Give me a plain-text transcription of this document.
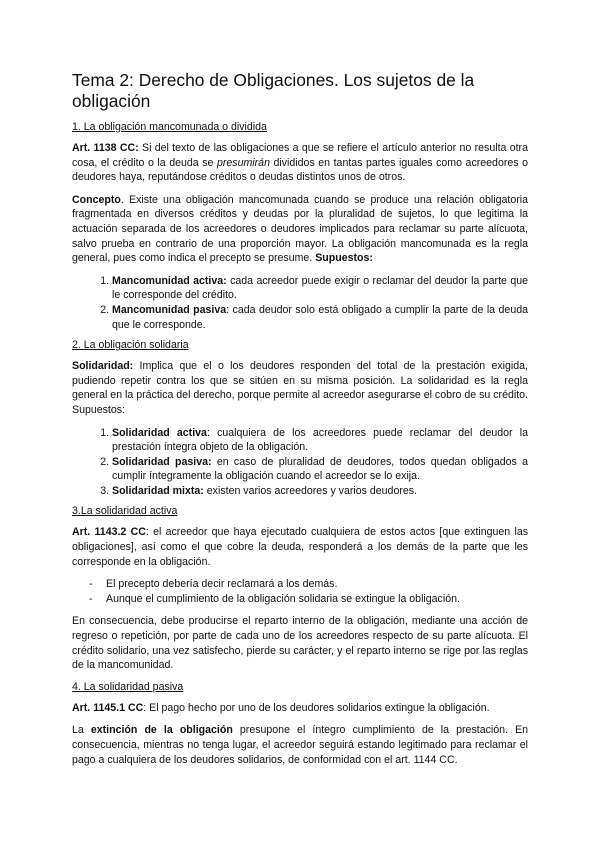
Tema 2: Derecho de Obligaciones. Los sujetos de la obligación
1. La obligación mancomunada o dividida

Art. 1138 CC: Si del texto de las obligaciones a que se refiere el artículo anterior no resulta otra cosa, el crédito o la deuda se presumirán divididos en tantas partes iguales como acreedores o deudores haya, reputándose créditos o deudas distintos unos de otros.

Concepto. Existe una obligación mancomunada cuando se produce una relación obligatoria fragmentada en diversos créditos y deudas por la pluralidad de sujetos, lo que legitima la actuación separada de los acreedores o deudores implicados para reclamar su parte alícuota, salvo prueba en contrario de una proporción mayor. La obligación mancomunada es la regla general, pues como indica el precepto se presume. Supuestos:

1. Mancomunidad activa: cada acreedor puede exigir o reclamar del deudor la parte que le corresponde del crédito.
2. Mancomunidad pasiva: cada deudor solo está obligado a cumplir la parte de la deuda que le corresponde.
2. La obligación solidaria

Solidaridad: Implica que el o los deudores responden del total de la prestación exigida, pudiendo repetir contra los que se sitúen en su misma posición. La solidaridad es la regla general en la práctica del derecho, porque permite al acreedor asegurarse el cobro de su crédito. Supuestos:

1. Solidaridad activa: cualquiera de los acreedores puede reclamar del deudor la prestación íntegra objeto de la obligación.
2. Solidaridad pasiva: en caso de pluralidad de deudores, todos quedan obligados a cumplir íntegramente la obligación cuando el acreedor se lo exija.
3. Solidaridad mixta: existen varios acreedores y varios deudores.
3.La solidaridad activa

Art. 1143.2 CC: el acreedor que haya ejecutado cualquiera de estos actos [que extinguen las obligaciones], así como el que cobre la deuda, responderá a los demás de la parte que les corresponde en la obligación.

- El precepto debería decir reclamará a los demás.
- Aunque el cumplimiento de la obligación solidaria se extingue la obligación.

En consecuencia, debe producirse el reparto interno de la obligación, mediante una acción de regreso o repetición, por parte de cada uno de los acreedores respecto de su parte alícuota. El crédito solidario, una vez satisfecho, pierde su carácter, y el reparto interno se rige por las reglas de la mancomunidad.

4. La solidaridad pasiva

Art. 1145.1 CC: El pago hecho por uno de los deudores solidarios extingue la obligación.

La extinción de la obligación presupone el íntegro cumplimiento de la prestación. En consecuencia, mientras no tenga lugar, el acreedor seguirá estando legitimado para reclamar el pago a cualquiera de los deudores solidarios, de conformidad con el art. 1144 CC.
